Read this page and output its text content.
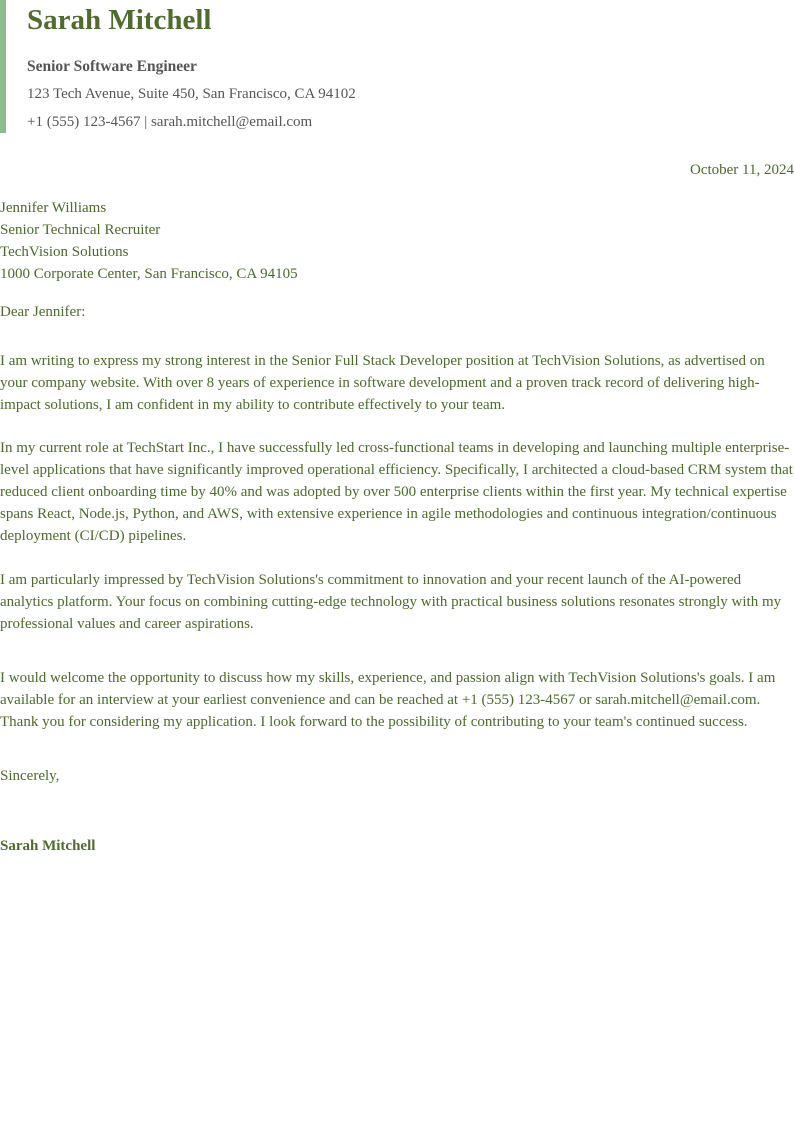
Sarah Mitchell
Senior Software Engineer
123 Tech Avenue, Suite 450, San Francisco, CA 94102
+1 (555) 123-4567 | sarah.mitchell@email.com
October 11, 2024
Jennifer Williams
Senior Technical Recruiter
TechVision Solutions
1000 Corporate Center, San Francisco, CA 94105
Dear Jennifer:

I am writing to express my strong interest in the Senior Full Stack Developer position at TechVision Solutions, as advertised on your company website. With over 8 years of experience in software development and a proven track record of delivering high-impact solutions, I am confident in my ability to contribute effectively to your team.

In my current role at TechStart Inc., I have successfully led cross-functional teams in developing and launching multiple enterprise-level applications that have significantly improved operational efficiency. Specifically, I architected a cloud-based CRM system that reduced client onboarding time by 40% and was adopted by over 500 enterprise clients within the first year. My technical expertise spans React, Node.js, Python, and AWS, with extensive experience in agile methodologies and continuous integration/continuous deployment (CI/CD) pipelines.

I am particularly impressed by TechVision Solutions's commitment to innovation and your recent launch of the AI-powered analytics platform. Your focus on combining cutting-edge technology with practical business solutions resonates strongly with my professional values and career aspirations.

I would welcome the opportunity to discuss how my skills, experience, and passion align with TechVision Solutions's goals. I am available for an interview at your earliest convenience and can be reached at +1 (555) 123-4567 or sarah.mitchell@email.com. Thank you for considering my application. I look forward to the possibility of contributing to your team's continued success.

Sincerely,
Sarah Mitchell
